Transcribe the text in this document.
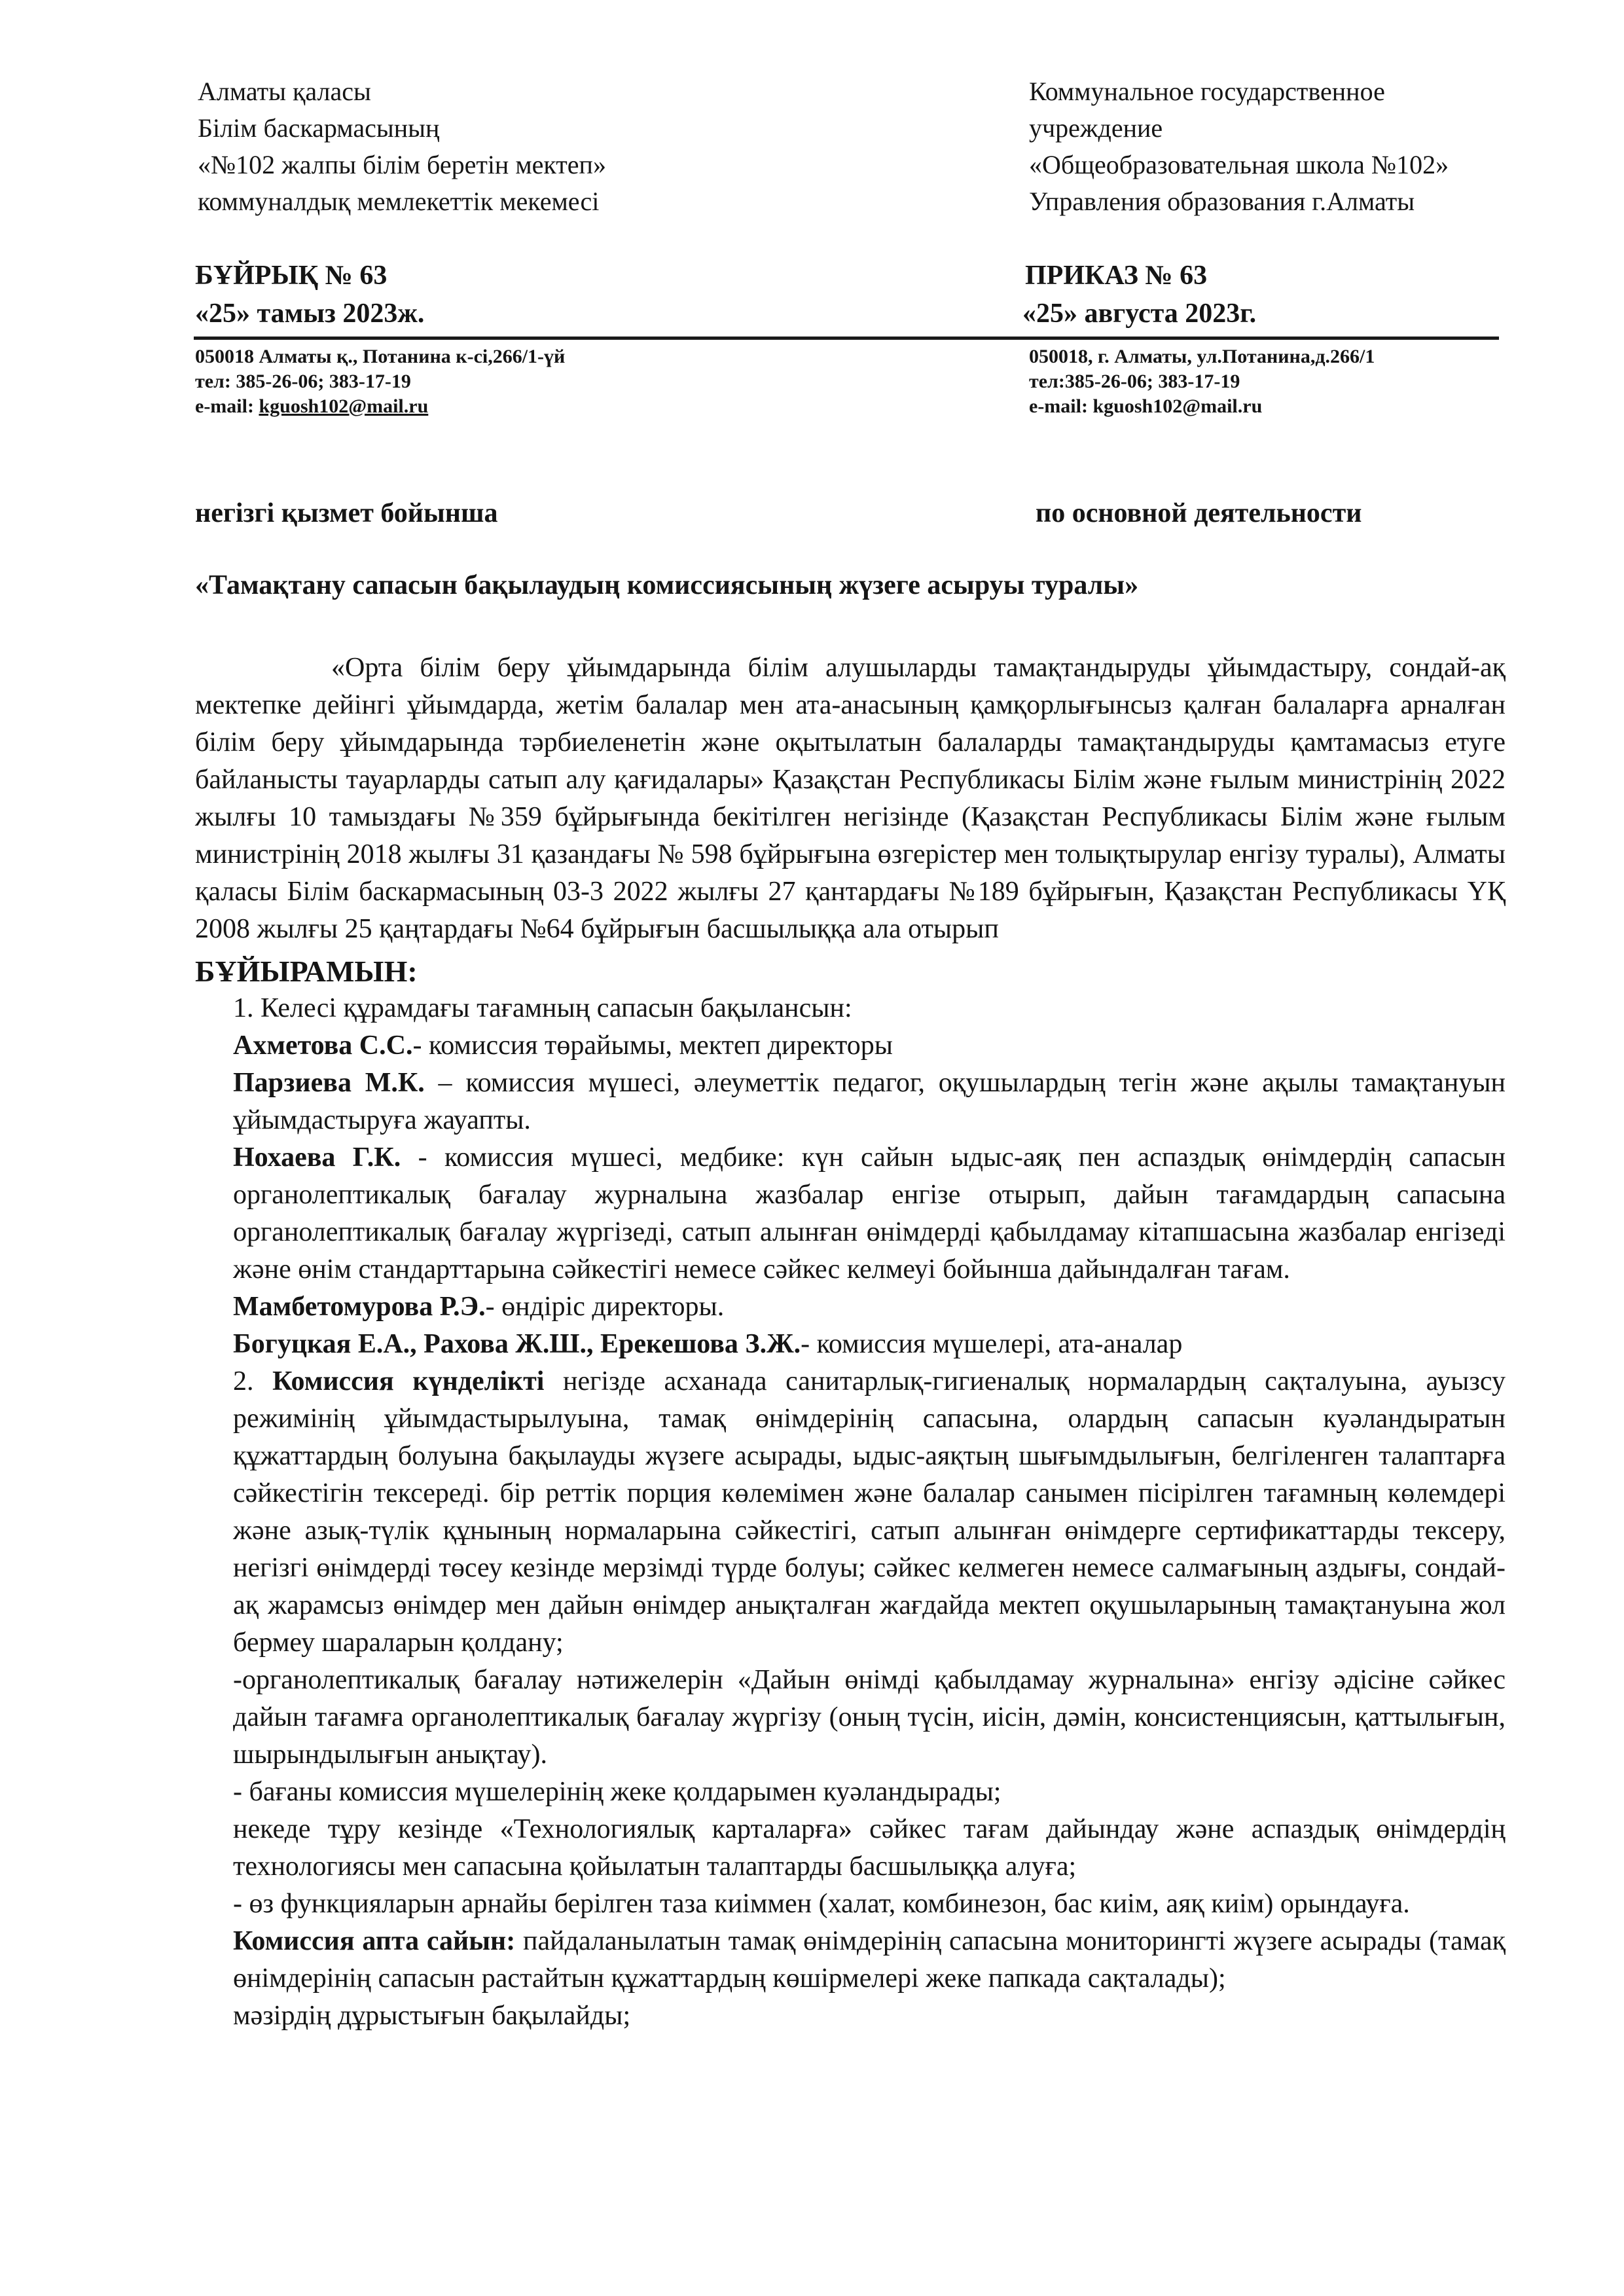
Алматы қаласы
Білім баскармасының
«№102 жалпы білім беретін мектеп»
коммуналдық мемлекеттік мекемесі
Коммунальное государственное
учреждение
«Общеобразовательная школа №102»
Управления образования г.Алматы
БҰЙРЫҚ № 63
«25» тамыз 2023ж.
ПРИКАЗ № 63
«25» августа 2023г.
050018 Алматы қ., Потанина к-сі,266/1-үй
тел: 385-26-06; 383-17-19
e-mail: kguosh102@mail.ru
050018, г. Алматы, ул.Потанина,д.266/1
тел:385-26-06; 383-17-19
e-mail: kguosh102@mail.ru
негізгі қызмет бойынша	по основной деятельности
«Тамақтану сапасын бақылаудың комиссиясының жүзеге асыруы туралы»
«Орта білім беру ұйымдарында білім алушыларды тамақтандыруды ұйымдастыру, сондай-ақ мектепке дейінгі ұйымдарда, жетім балалар мен ата-анасының қамқорлығынсыз қалған балаларға арналған білім беру ұйымдарында тәрбиеленетін және оқытылатын балаларды тамақтандыруды қамтамасыз етуге байланысты тауарларды сатып алу қағидалары» Қазақстан Республикасы Білім және ғылым министрінің 2022 жылғы 10 тамыздағы №359 бұйрығында бекітілген негізінде (Қазақстан Республикасы Білім және ғылым министрінің 2018 жылғы 31 қазандағы № 598 бұйрығына өзгерістер мен толықтырулар енгізу туралы), Алматы қаласы Білім баскармасының 03-3 2022 жылғы 27 қантардағы №189 бұйрығын, Қазақстан Республикасы ҮҚ 2008 жылғы 25 қаңтардағы №64 бұйрығын басшылыққа ала отырып
БҰЙЫРАМЫН:
1. Келесі құрамдағы тағамның сапасын бақылансын:
Ахметова С.С.- комиссия төрайымы, мектеп директоры
Парзиева М.К. – комиссия мүшесі, әлеуметтік педагог, оқушылардың тегін және ақылы тамақтануын ұйымдастыруға жауапты.
Нохаева Г.К. - комиссия мүшесі, медбике: күн сайын ыдыс-аяқ пен аспаздық өнімдердің сапасын органолептикалық бағалау журналына жазбалар енгізе отырып, дайын тағамдардың сапасына органолептикалық бағалау жүргізеді, сатып алынған өнімдерді қабылдамау кітапшасына жазбалар енгізеді және өнім стандарттарына сәйкестігі немесе сәйкес келмеуі бойынша дайындалған тағам.
Мамбетомурова Р.Э.- өндіріс директоры.
Богуцкая Е.А., Рахова Ж.Ш., Ерекешова З.Ж.- комиссия мүшелері, ата-аналар
2. Комиссия күнделікті негізде асханада санитарлық-гигиеналық нормалардың сақталуына, ауызсу режимінің ұйымдастырылуына, тамақ өнімдерінің сапасына, олардың сапасын куәландыратын құжаттардың болуына бақылауды жүзеге асырады, ыдыс-аяқтың шығымдылығын, белгіленген талаптарға сәйкестігін тексереді. бір реттік порция көлемімен және балалар санымен пісірілген тағамның көлемдері және азық-түлік құнының нормаларына сәйкестігі, сатып алынған өнімдерге сертификаттарды тексеру, негізгі өнімдерді төсеу кезінде мерзімді түрде болуы; сәйкес келмеген немесе салмағының аздығы, сондай-ақ жарамсыз өнімдер мен дайын өнімдер анықталған жағдайда мектеп оқушыларының тамақтануына жол бермеу шараларын қолдану;
-органолептикалық бағалау нәтижелерін «Дайын өнімді қабылдамау журналына» енгізу әдісіне сәйкес дайын тағамға органолептикалық бағалау жүргізу (оның түсін, иісін, дәмін, консистенциясын, қаттылығын, шырындылығын анықтау).
- бағаны комиссия мүшелерінің жеке қолдарымен куәландырады;
некеде тұру кезінде «Технологиялық карталарға» сәйкес тағам дайындау және аспаздық өнімдердің технологиясы мен сапасына қойылатын талаптарды басшылыққа алуға;
- өз функцияларын арнайы берілген таза киіммен (халат, комбинезон, бас киім, аяқ киім) орындауға.
Комиссия апта сайын: пайдаланылатын тамақ өнімдерінің сапасына мониторингті жүзеге асырады (тамақ өнімдерінің сапасын растайтын құжаттардың көшірмелері жеке папкада сақталады);
мәзірдің дұрыстығын бақылайды;
